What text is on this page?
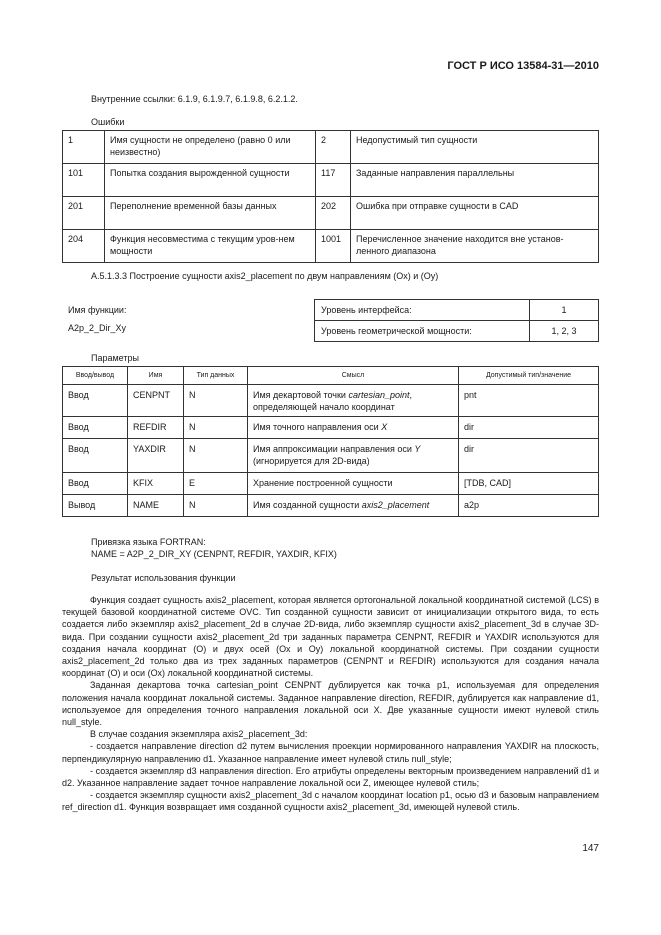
ГОСТ Р ИСО 13584-31—2010
Внутренние ссылки: 6.1.9, 6.1.9.7, 6.1.9.8, 6.2.1.2.
Ошибки
1	Имя сущности не определено (равно 0 или неизвестно)	2	Недопустимый тип сущности
101	Попытка создания вырожденной сущности	117	Заданные направления параллельны
201	Переполнение временной базы данных	202	Ошибка при отправке сущности в CAD
204	Функция несовместима с текущим уров-нем мощности	1001	Перечисленное значение находится вне установ-ленного диапазона
A.5.1.3.3 Построение сущности axis2_placement по двум направлениям (Ox) и (Oy)
Имя функции:
A2p_2_Dir_Xy
Уровень интерфейса:	1
Уровень геометрической мощности:	1, 2, 3
Параметры
Ввод/вывод	Имя	Тип данных	Смысл	Допустимый тип/значение
Ввод	CENPNT	N	Имя декартовой точки cartesian_point, определяющей начало координат	pnt
Ввод	REFDIR	N	Имя точного направления оси X	dir
Ввод	YAXDIR	N	Имя аппроксимации направления оси Y (игнорируется для 2D-вида)	dir
Ввод	KFIX	E	Хранение построенной сущности	[TDB, CAD]
Вывод	NAME	N	Имя созданной сущности axis2_placement	a2p
Привязка языка FORTRAN:
NAME = A2P_2_DIR_XY (CENPNT, REFDIR, YAXDIR, KFIX)
Результат использования функции

Функция создает сущность axis2_placement, которая является ортогональной локальной координатной системой (LCS) в текущей базовой координатной системе OVC. Тип созданной сущности зависит от инициализации открытого вида, то есть создается либо экземпляр axis2_placement_2d в случае 2D-вида, либо экземпляр сущности axis2_placement_3d в случае 3D-вида. При создании сущности axis2_placement_2d три заданных параметра CENPNT, REFDIR и YAXDIR используются для создания начала координат (О) и двух осей (Ох и Оу) локальной координатной системы. При создании сущности axis2_placement_2d только два из трех заданных параметров (CENPNT и REFDIR) используются для создания начала координат (О) и оси (Ох) локальной координатной системы.

Заданная декартова точка cartesian_point CENPNT дублируется как точка p1, используемая для определения положения начала координат локальной системы. Заданное направление direction, REFDIR, дублируется как направление d1, используемое для определения точного направления локальной оси X. Две указанные сущности имеют нулевой стиль null_style.

В случае создания экземпляра axis2_placement_3d:

- создается направление direction d2 путем вычисления проекции нормированного направления YAXDIR на плоскость, перпендикулярную направлению d1. Указанное направление имеет нулевой стиль null_style;

- создается экземпляр d3 направления direction. Его атрибуты определены векторным произведением направлений d1 и d2. Указанное направление задает точное направление локальной оси Z, имеющее нулевой стиль;

- создается экземпляр сущности axis2_placement_3d с началом координат location p1, осью d3 и базовым направлением ref_direction d1. Функция возвращает имя созданной сущности axis2_placement_3d, имеющей нулевой стиль.

147
